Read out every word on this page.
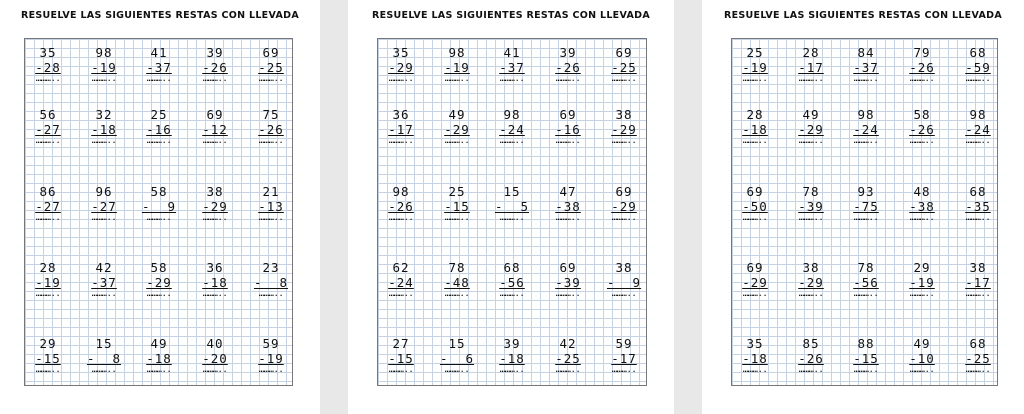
RESUELVE LAS SIGUIENTES RESTAS CON LLEVADA
35
-28
………..
98
-19
………..
41
-37
………..
39
-26
………..
69
-25
………..
56
-27
………..
32
-18
………..
25
-16
………..
69
-12
………..
75
-26
………..
86
-27
………..
96
-27
………..
58
-  9
………..
38
-29
………..
21
-13
………..
28
-19
………..
42
-37
………..
58
-29
………..
36
-18
………..
23
-  8
………..
29
-15
………..
15
-  8
………..
49
-18
………..
40
-20
………..
59
-19
………..
RESUELVE LAS SIGUIENTES RESTAS CON LLEVADA
35
-29
………..
98
-19
………..
41
-37
………..
39
-26
………..
69
-25
………..
36
-17
………..
49
-29
………..
98
-24
………..
69
-16
………..
38
-29
………..
98
-26
………..
25
-15
………..
15
-  5
………..
47
-38
………..
69
-29
………..
62
-24
………..
78
-48
………..
68
-56
………..
69
-39
………..
38
-  9
………..
27
-15
………..
15
-  6
………..
39
-18
………..
42
-25
………..
59
-17
………..
RESUELVE LAS SIGUIENTES RESTAS CON LLEVADA
25
-19
………..
28
-17
………..
84
-37
………..
79
-26
………..
68
-59
………..
28
-18
………..
49
-29
………..
98
-24
………..
58
-26
………..
98
-24
………..
69
-50
………..
78
-39
………..
93
-75
………..
48
-38
………..
68
-35
………..
69
-29
………..
38
-29
………..
78
-56
………..
29
-19
………..
38
-17
………..
35
-18
………..
85
-26
………..
88
-15
………..
49
-10
………..
68
-25
………..
